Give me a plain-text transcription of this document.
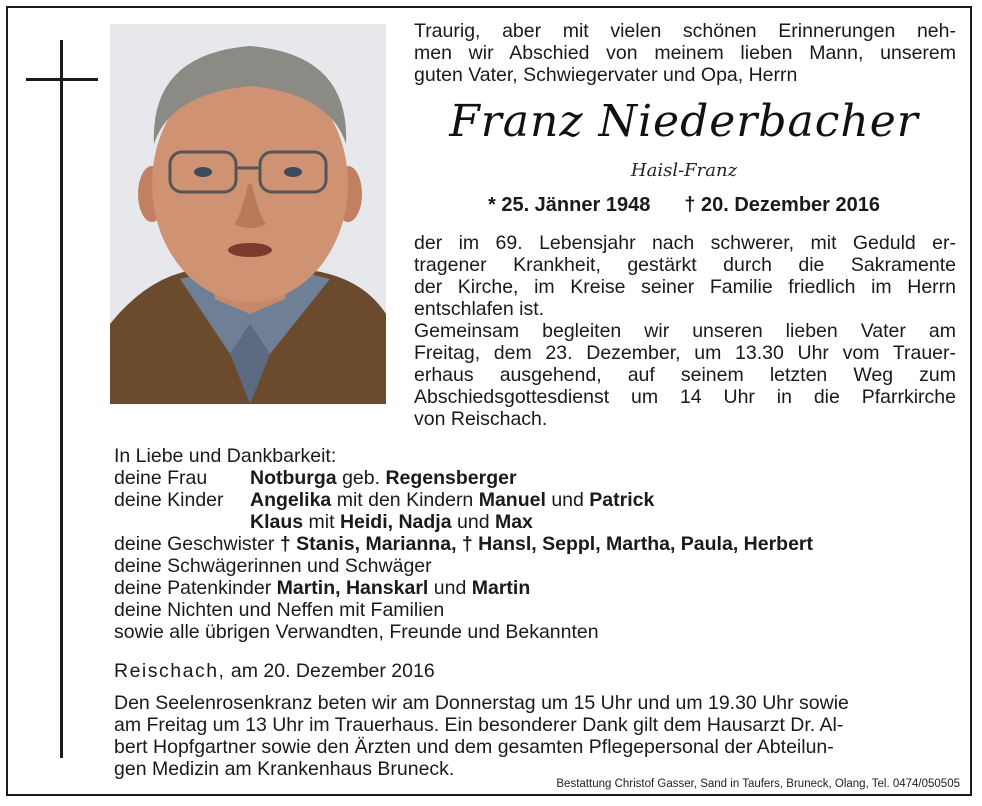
Traurig, aber mit vielen schönen Erinnerungen neh-
men wir Abschied von meinem lieben Mann, unserem
guten Vater, Schwiegervater und Opa, Herrn
Franz Niederbacher
Haisl-Franz
* 25. Jänner 1948 † 20. Dezember 2016
der im 69. Lebensjahr nach schwerer, mit Geduld er-
tragener Krankheit, gestärkt durch die Sakramente
der Kirche, im Kreise seiner Familie friedlich im Herrn
entschlafen ist.
Gemeinsam begleiten wir unseren lieben Vater am
Freitag, dem 23. Dezember, um 13.30 Uhr vom Trauer-
erhaus ausgehend, auf seinem letzten Weg zum
Abschiedsgottesdienst um 14 Uhr in die Pfarrkirche
von Reischach.
In Liebe und Dankbarkeit:
deine Frau Notburga geb. Regensberger
deine Kinder Angelika mit den Kindern Manuel und Patrick
Klaus mit Heidi, Nadja und Max
deine Geschwister † Stanis, Marianna, † Hansl, Seppl, Martha, Paula, Herbert
deine Schwägerinnen und Schwäger
deine Patenkinder Martin, Hanskarl und Martin
deine Nichten und Neffen mit Familien
sowie alle übrigen Verwandten, Freunde und Bekannten
Reischach, am 20. Dezember 2016
Den Seelenrosenkranz beten wir am Donnerstag um 15 Uhr und um 19.30 Uhr sowie
am Freitag um 13 Uhr im Trauerhaus. Ein besonderer Dank gilt dem Hausarzt Dr. Al-
bert Hopfgartner sowie den Ärzten und dem gesamten Pflegepersonal der Abteilun-
gen Medizin am Krankenhaus Bruneck.
Bestattung Christof Gasser, Sand in Taufers, Bruneck, Olang, Tel. 0474/050505
